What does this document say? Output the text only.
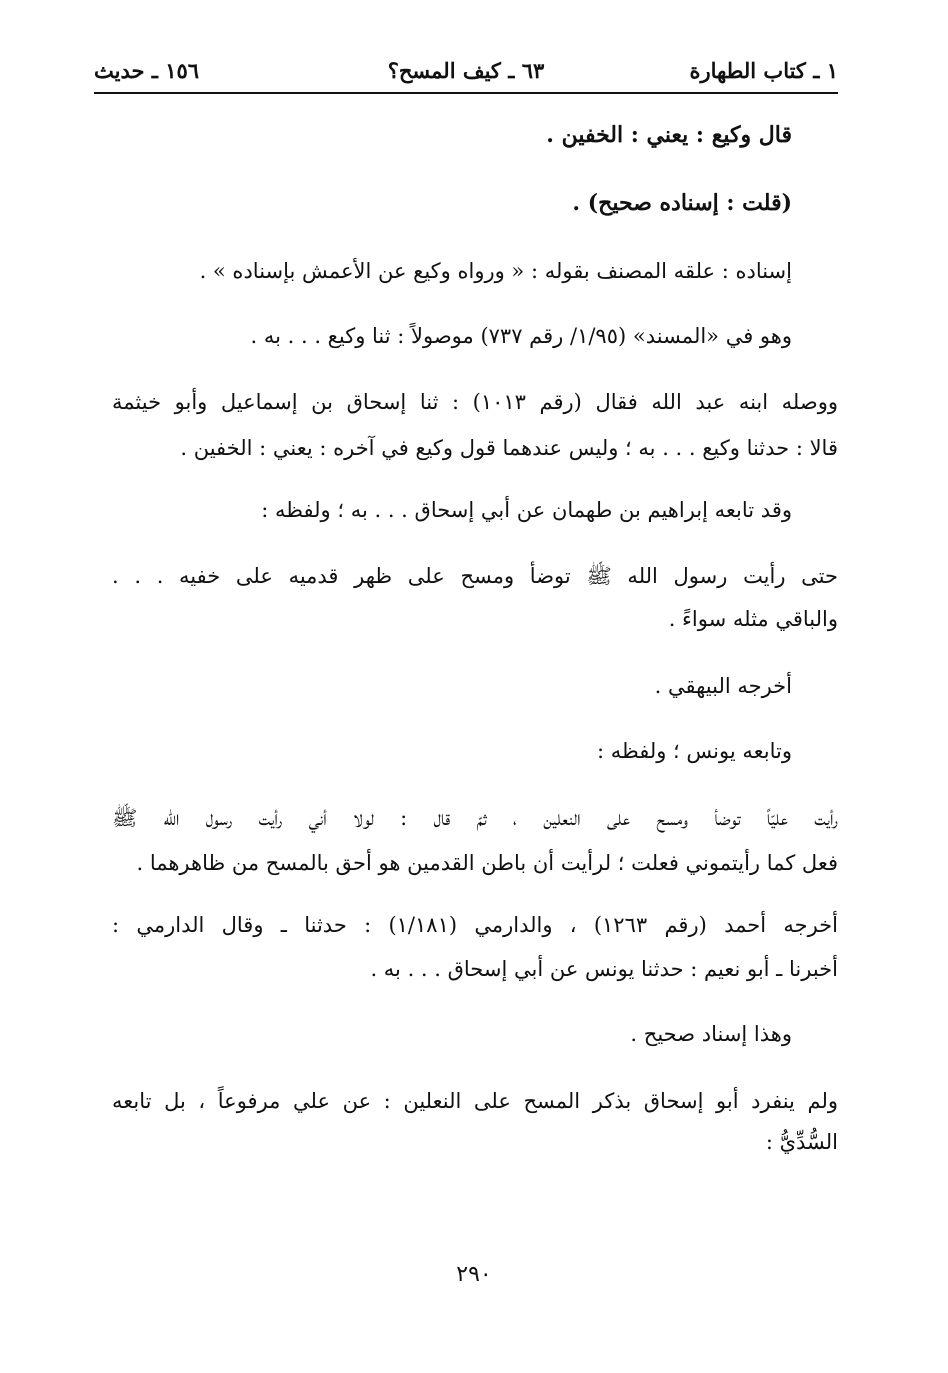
١ ـ كتاب الطهارة
٦٣ ـ كيف المسح؟
١٥٦ ـ حديث
قال وكيع : يعني : الخفين .
(قلت : إسناده صحيح) .
إسناده : علقه المصنف بقوله : « ورواه وكيع عن الأعمش بإسناده » .
وهو في «المسند» (١/٩٥/ رقم ٧٣٧) موصولاً : ثنا وكيع . . . به .
ووصله ابنه عبد الله فقال (رقم ١٠١٣) : ثنا إسحاق بن إسماعيل وأبو خيثمة
قالا : حدثنا وكيع . . . به ؛ وليس عندهما قول وكيع في آخره : يعني : الخفين .
وقد تابعه إبراهيم بن طهمان عن أبي إسحاق . . . به ؛ ولفظه :
حتى رأيت رسول الله ﷺ توضأ ومسح على ظهر قدميه على خفيه . . .
والباقي مثله سواءً .
أخرجه البيهقي .
وتابعه يونس ؛ ولفظه :
رأيت عليّاً توضأ ومسح على النعلين ، ثمّ قال : لولا أني رأيت رسول الله ﷺ
فعل كما رأيتموني فعلت ؛ لرأيت أن باطن القدمين هو أحق بالمسح من ظاهرهما .
أخرجه أحمد (رقم ١٢٦٣) ، والدارمي (١/١٨١) : حدثنا ـ وقال الدارمي :
أخبرنا ـ أبو نعيم : حدثنا يونس عن أبي إسحاق . . . به .
وهذا إسناد صحيح .
ولم ينفرد أبو إسحاق بذكر المسح على النعلين : عن علي مرفوعاً ، بل تابعه
السُّدِّيُّ :
٢٩٠
